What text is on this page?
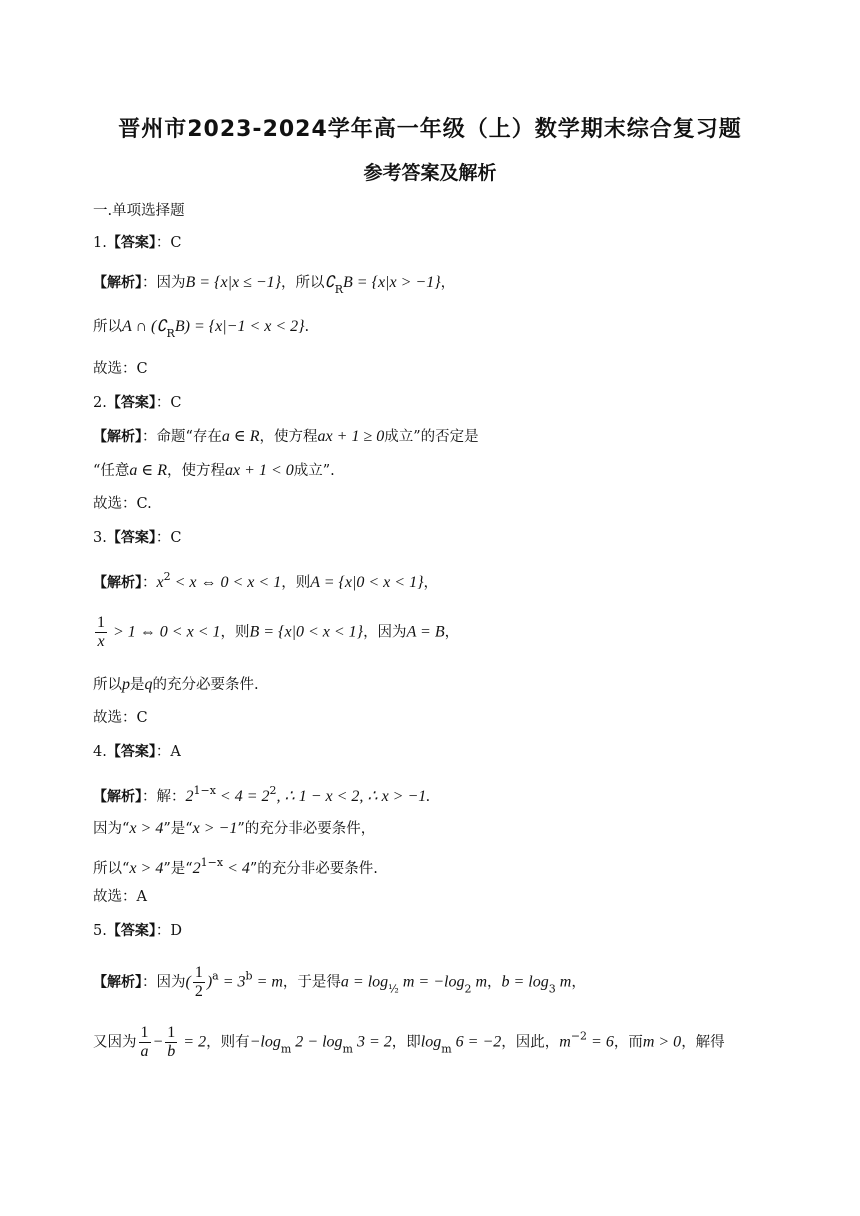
晋州市2023-2024学年高一年级（上）数学期末综合复习题
参考答案及解析
一.单项选择题
1.【答案】：C
【解析】：因为B = {x|x ≤ −1}，所以$∁_RB = \{x|x > -1\}$，
所以A ∩ $(∁_RB) = \{x|-1 < x < 2\}$.
故选：C
2.【答案】：C
【解析】：命题“存在a ∈ R，使方程ax + 1 ≥ 0成立”的否定是
“任意a ∈ R，使方程ax + 1 < 0成立”.
故选：C.
3.【答案】：C
【解析】：$x^2 < x$ ⇔ 0 < x < 1，则A = {x|0 < x < 1}，
$\frac{1}{x} > 1$ ⇔ 0 < x < 1，则B = {x|0 < x < 1}，因为A = B，
所以p是q的充分必要条件.
故选：C
4.【答案】：A
【解析】：解：$2^{1-x} < 4 = 2^2$, ∴ 1 − x < 2, ∴ x > −1.
因为“x > 4”是“x > −1”的充分非必要条件，
所以“x > 4”是“$2^{1-x} < 4$”的充分非必要条件.
故选：A
5.【答案】：D
【解析】：因为( $\frac{1}{2} )^a = 3^b = m$，于是得$a = \log_{\frac{1}{2}} m = -\log_2$ m，$b = \log_3 m$，
又因为 $\frac{1}{a} - \frac{1}{b} = 2$，则有$-\log_m$ $2 - \log_m 3 = 2$，即$\log_m 6 = -2$，因此，$m^{-2} = 6$，而m > 0，解得
